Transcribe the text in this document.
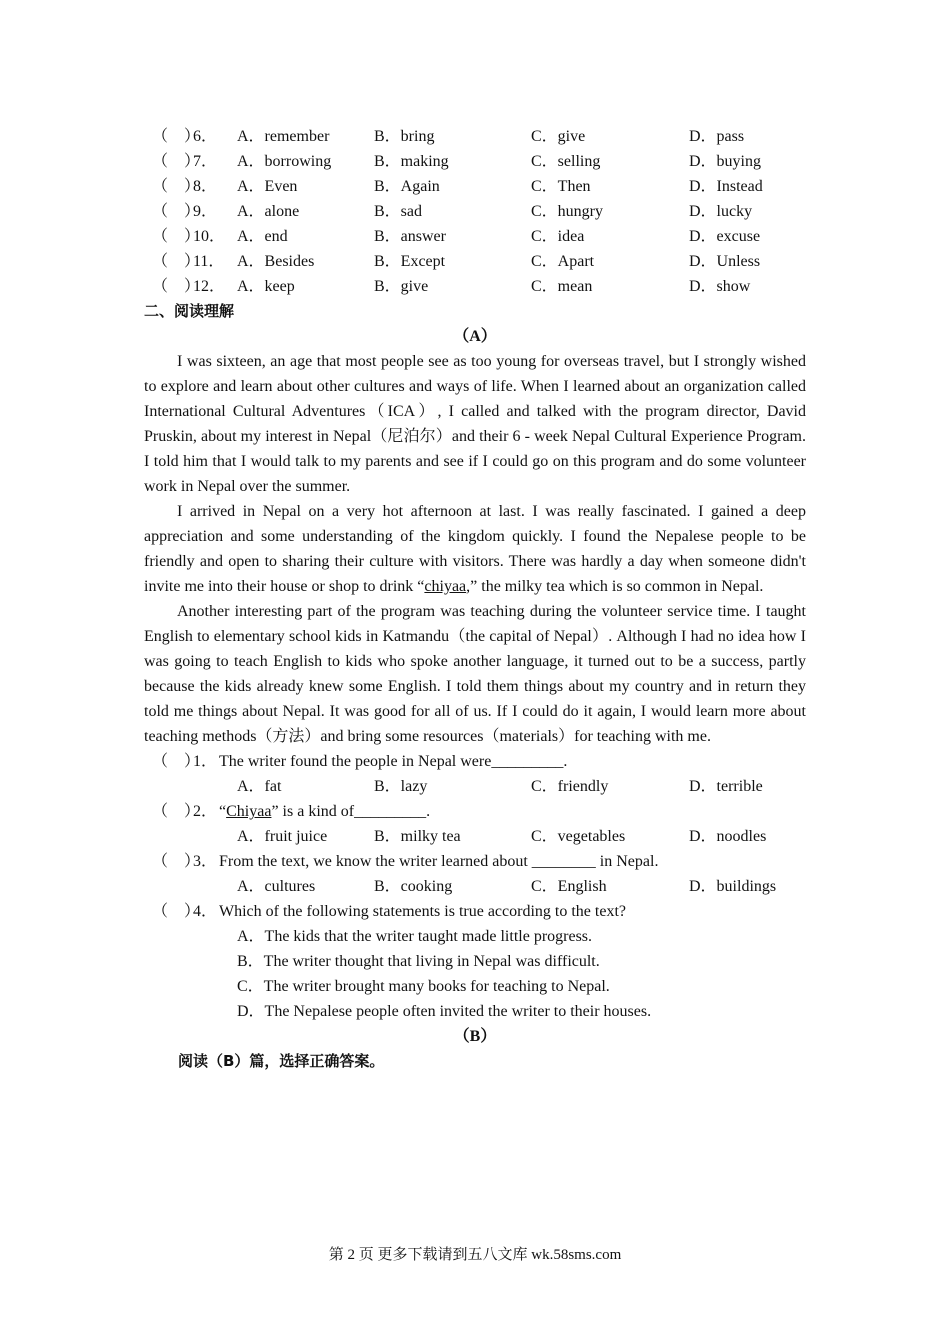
（　）
6． A．remember	B．bring	C．give	D．pass
（　）
7． A．borrowing	B．making	C．selling	D．buying
（　）
8． A．Even	B．Again	C．Then	D．Instead
（　）
9． A．alone	B．sad	C．hungry	D．lucky
（　）
10． A．end	B．answer	C．idea	D．excuse
（　）
11． A．Besides	B．Except	C．Apart	D．Unless
（　）
12． A．keep	B．give	C．mean	D．show
二、阅读理解
（A）

I was sixteen, an age that most people see as too young for overseas travel, but I strongly wished to explore and learn about other cultures and ways of life. When I learned about an organization called International Cultural Adventures（ICA）, I called and talked with the program director, David Pruskin, about my interest in Nepal（尼泊尔）and their 6 - week Nepal Cultural Experience Program. I told him that I would talk to my parents and see if I could go on this program and do some volunteer work in Nepal over the summer.

I arrived in Nepal on a very hot afternoon at last. I was really fascinated. I gained a deep appreciation and some understanding of the kingdom quickly. I found the Nepalese people to be friendly and open to sharing their culture with visitors. There was hardly a day when someone didn't invite me into their house or shop to drink “chiyaa,” the milky tea which is so common in Nepal.

Another interesting part of the program was teaching during the volunteer service time. I taught English to elementary school kids in Katmandu（the capital of Nepal）. Although I had no idea how I was going to teach English to kids who spoke another language, it turned out to be a success, partly because the kids already knew some English. I told them things about my country and in return they told me things about Nepal. It was good for all of us. If I could do it again, I would learn more about teaching methods（方法）and bring some resources（materials）for teaching with me.

（　）
1． The writer found the people in Nepal were_________.
A．fat	B．lazy	C．friendly	D．terrible
（　）
2． “Chiyaa” is a kind of_________.
A．fruit juice	B．milky tea	C．vegetables	D．noodles
（　）
3． From the text, we know the writer learned about ________ in Nepal.
A．cultures	B．cooking	C．English	D．buildings
（　）
4． Which of the following statements is true according to the text?
A．The kids that the writer taught made little progress.
B．The writer thought that living in Nepal was difficult.
C．The writer brought many books for teaching to Nepal.
D．The Nepalese people often invited the writer to their houses.
（B）
阅读（B）篇，选择正确答案。
第 2 页 更多下载请到五八文库 wk.58sms.com
